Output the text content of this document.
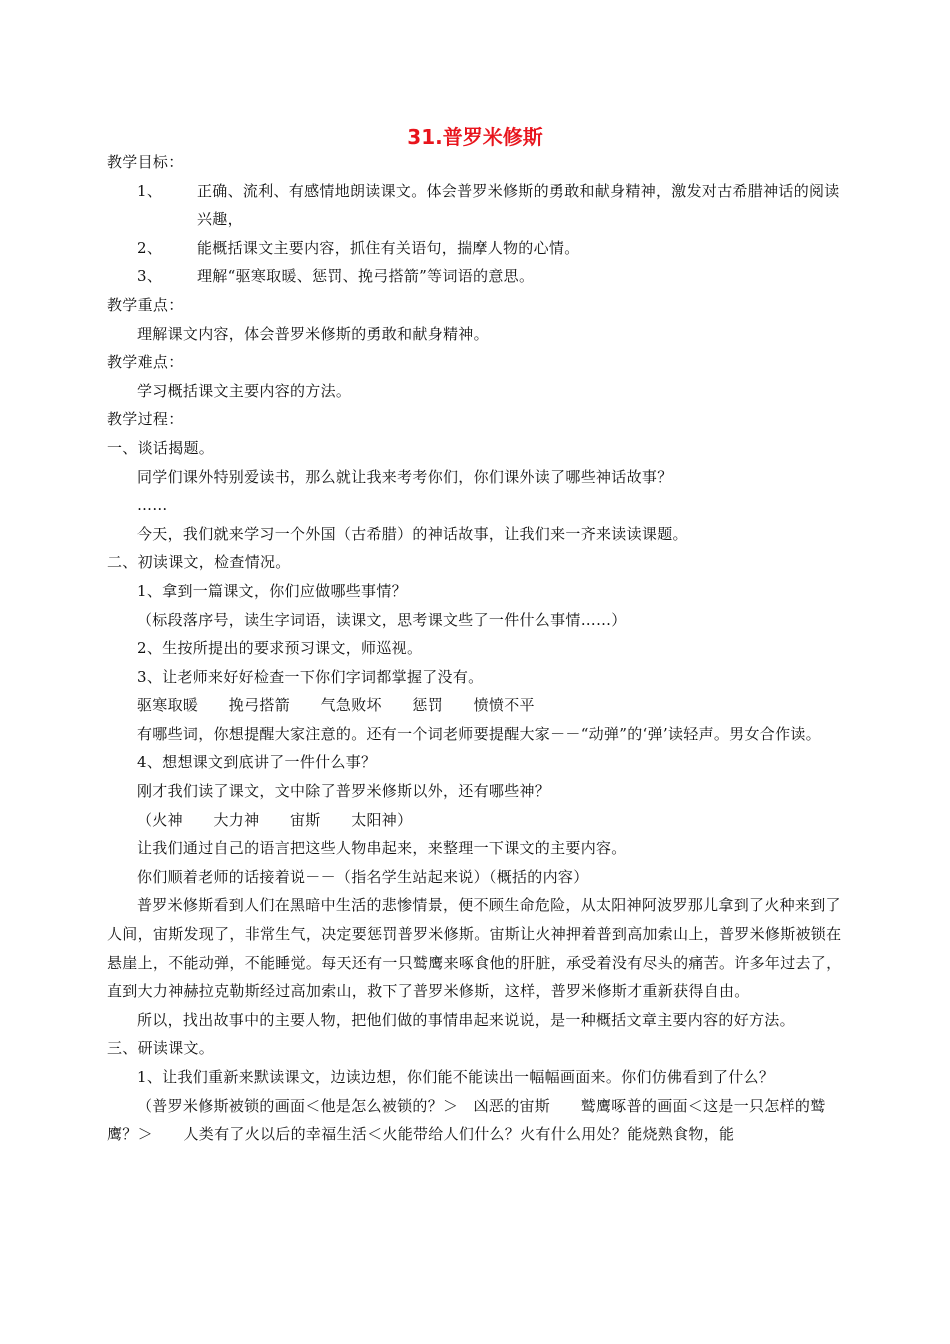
31.普罗米修斯

教学目标：

1、	正确、流利、有感情地朗读课文。体会普罗米修斯的勇敢和献身精神，激发对古希腊神话的阅读兴趣，

2、	能概括课文主要内容，抓住有关语句，揣摩人物的心情。

3、	理解“驱寒取暖、惩罚、挽弓搭箭”等词语的意思。

教学重点：

理解课文内容，体会普罗米修斯的勇敢和献身精神。

教学难点：

学习概括课文主要内容的方法。

教学过程：

一、谈话揭题。

同学们课外特别爱读书，那么就让我来考考你们，你们课外读了哪些神话故事？

……

今天，我们就来学习一个外国（古希腊）的神话故事，让我们来一齐来读读课题。

二、初读课文，检查情况。

1、拿到一篇课文，你们应做哪些事情？

（标段落序号，读生字词语，读课文，思考课文些了一件什么事情……）

2、生按所提出的要求预习课文，师巡视。

3、让老师来好好检查一下你们字词都掌握了没有。

驱寒取暖　　挽弓搭箭　　气急败坏　　惩罚　　愤愤不平

有哪些词，你想提醒大家注意的。还有一个词老师要提醒大家－－“动弹”的‘弹’读轻声。男女合作读。

4、想想课文到底讲了一件什么事？

刚才我们读了课文，文中除了普罗米修斯以外，还有哪些神？

（火神　　大力神　　宙斯　　太阳神）

让我们通过自己的语言把这些人物串起来，来整理一下课文的主要内容。

你们顺着老师的话接着说－－（指名学生站起来说）（概括的内容）

普罗米修斯看到人们在黑暗中生活的悲惨情景，便不顾生命危险，从太阳神阿波罗那儿拿到了火种来到了人间，宙斯发现了，非常生气，决定要惩罚普罗米修斯。宙斯让火神押着普到高加索山上，普罗米修斯被锁在悬崖上，不能动弹，不能睡觉。每天还有一只鹫鹰来啄食他的肝脏，承受着没有尽头的痛苦。许多年过去了，直到大力神赫拉克勒斯经过高加索山，救下了普罗米修斯，这样，普罗米修斯才重新获得自由。

所以，找出故事中的主要人物，把他们做的事情串起来说说，是一种概括文章主要内容的好方法。

三、研读课文。

1、让我们重新来默读课文，边读边想，你们能不能读出一幅幅画面来。你们仿佛看到了什么？

（普罗米修斯被锁的画面＜他是怎么被锁的？＞　凶恶的宙斯　　鹫鹰啄普的画面＜这是一只怎样的鹫鹰？＞　　人类有了火以后的幸福生活＜火能带给人们什么？火有什么用处？能烧熟食物，能
